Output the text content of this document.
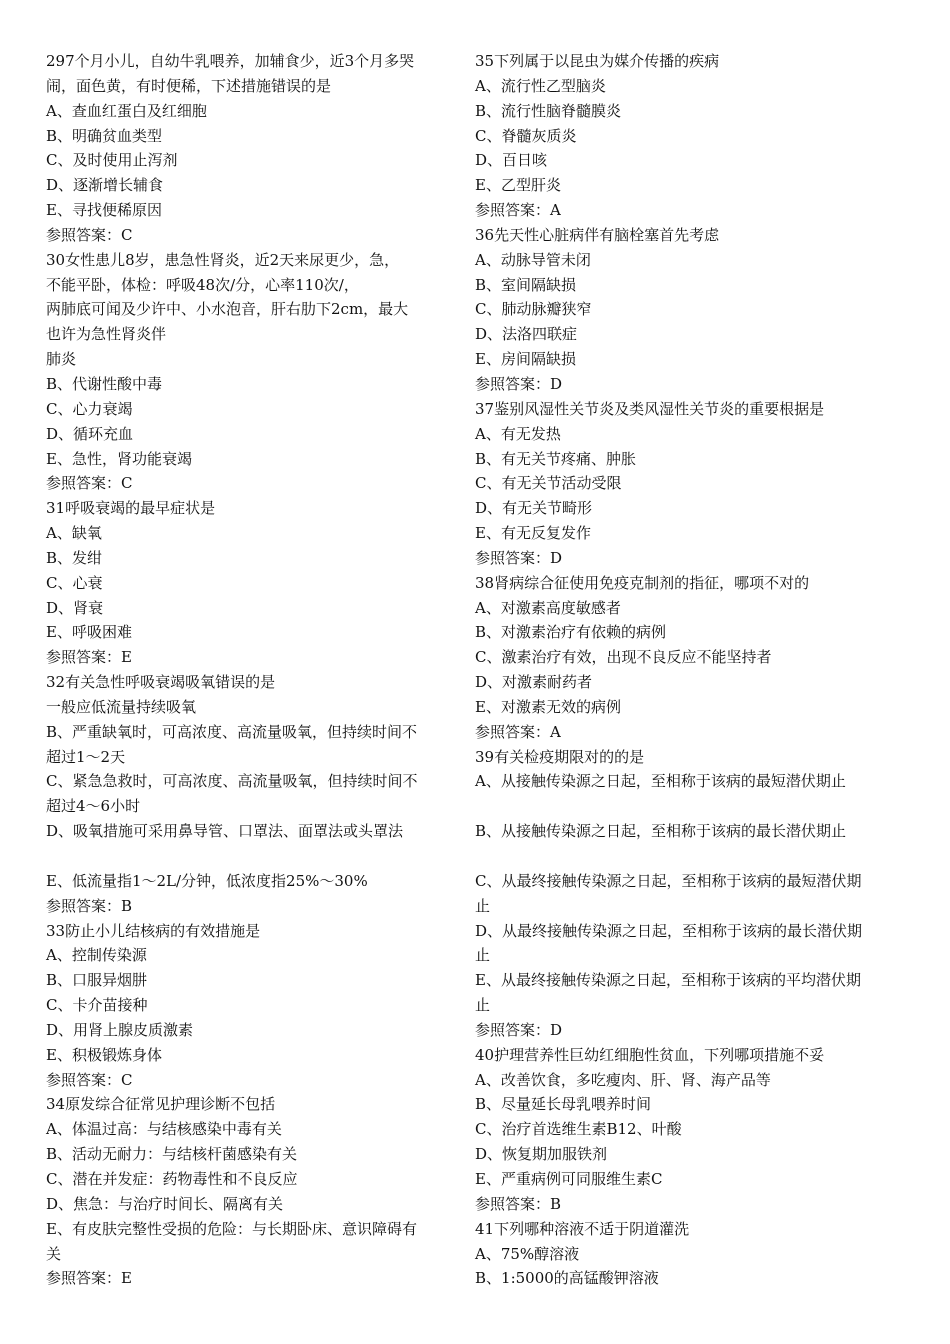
297个月小儿，自幼牛乳喂养，加辅食少，近3个月多哭
闹，面色黄，有时便稀，下述措施错误的是
A、查血红蛋白及红细胞
B、明确贫血类型
C、及时使用止泻剂
D、逐渐增长辅食
E、寻找便稀原因
参照答案：C
30女性患儿8岁，患急性肾炎，近2天来尿更少，急，
不能平卧，体检：呼吸48次/分，心率110次/，
两肺底可闻及少许中、小水泡音，肝右肋下2cm，最大
也许为急性肾炎伴
肺炎
B、代谢性酸中毒
C、心力衰竭
D、循环充血
E、急性，肾功能衰竭
参照答案：C
31呼吸衰竭的最早症状是
A、缺氧
B、发绀
C、心衰
D、肾衰
E、呼吸困难
参照答案：E
32有关急性呼吸衰竭吸氧错误的是
一般应低流量持续吸氧
B、严重缺氧时，可高浓度、高流量吸氧，但持续时间不
超过1～2天
C、紧急急救时，可高浓度、高流量吸氧，但持续时间不
超过4～6小时
D、吸氧措施可采用鼻导管、口罩法、面罩法或头罩法
E、低流量指1～2L/分钟，低浓度指25%～30%
参照答案：B
33防止小儿结核病的有效措施是
A、控制传染源
B、口服异烟肼
C、卡介苗接种
D、用肾上腺皮质激素
E、积极锻炼身体
参照答案：C
34原发综合征常见护理诊断不包括
A、体温过高：与结核感染中毒有关
B、活动无耐力：与结核杆菌感染有关
C、潜在并发症：药物毒性和不良反应
D、焦急：与治疗时间长、隔离有关
E、有皮肤完整性受损的危险：与长期卧床、意识障碍有
关
参照答案：E
35下列属于以昆虫为媒介传播的疾病
A、流行性乙型脑炎
B、流行性脑脊髓膜炎
C、脊髓灰质炎
D、百日咳
E、乙型肝炎
参照答案：A
36先天性心脏病伴有脑栓塞首先考虑
A、动脉导管未闭
B、室间隔缺损
C、肺动脉瓣狭窄
D、法洛四联症
E、房间隔缺损
参照答案：D
37鉴别风湿性关节炎及类风湿性关节炎的重要根据是
A、有无发热
B、有无关节疼痛、肿胀
C、有无关节活动受限
D、有无关节畸形
E、有无反复发作
参照答案：D
38肾病综合征使用免疫克制剂的指征，哪项不对的
A、对激素高度敏感者
B、对激素治疗有依赖的病例
C、激素治疗有效，出现不良反应不能坚持者
D、对激素耐药者
E、对激素无效的病例
参照答案：A
39有关检疫期限对的的是
A、从接触传染源之日起，至相称于该病的最短潜伏期止
B、从接触传染源之日起，至相称于该病的最长潜伏期止
C、从最终接触传染源之日起，至相称于该病的最短潜伏期
止
D、从最终接触传染源之日起，至相称于该病的最长潜伏期
止
E、从最终接触传染源之日起，至相称于该病的平均潜伏期
止
参照答案：D
40护理营养性巨幼红细胞性贫血，下列哪项措施不妥
A、改善饮食，多吃瘦肉、肝、肾、海产品等
B、尽量延长母乳喂养时间
C、治疗首选维生素B12、叶酸
D、恢复期加服铁剂
E、严重病例可同服维生素C
参照答案：B
41下列哪种溶液不适于阴道灌洗
A、75%醇溶液
B、1:5000的高锰酸钾溶液
